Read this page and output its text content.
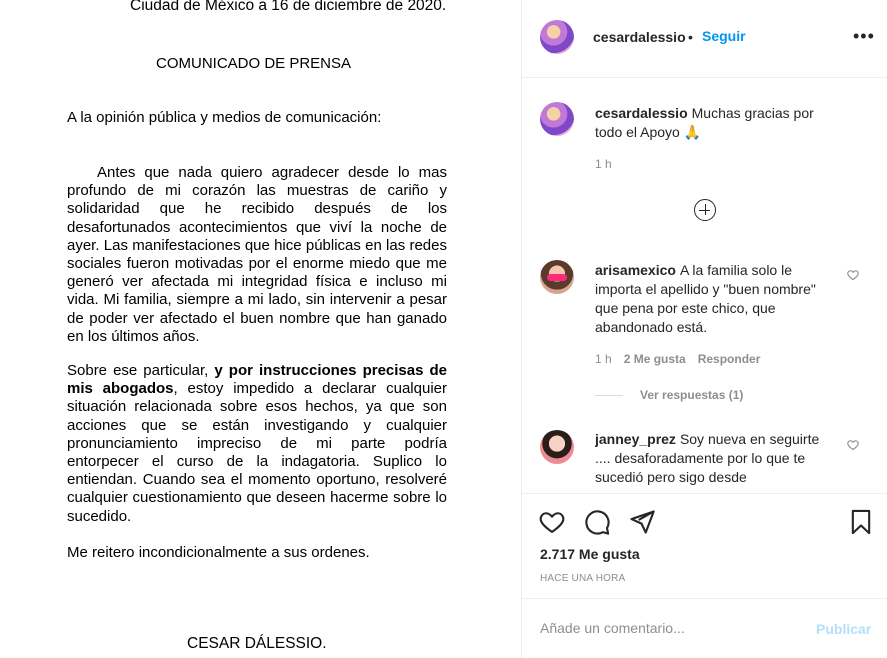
Ciudad de México a 16 de diciembre de 2020.
COMUNICADO DE PRENSA
A la opinión pública y medios de comunicación:
Antes que nada quiero agradecer desde lo mas profundo de mi corazón las muestras de cariño y solidaridad que he recibido después de los desafortunados acontecimientos que viví la noche de ayer. Las manifestaciones que hice públicas en las redes sociales fueron motivadas por el enorme miedo que me generó ver afectada mi integridad física e incluso mi vida. Mi familia, siempre a mi lado, sin intervenir a pesar de poder ver afectado el buen nombre que han ganado en los últimos años.
Sobre ese particular, y por instrucciones precisas de mis abogados, estoy impedido a declarar cualquier situación relacionada sobre esos hechos, ya que son acciones que se están investigando y cualquier pronunciamiento impreciso de mi parte podría entorpecer el curso de la indagatoria. Suplico lo entiendan. Cuando sea el momento oportuno, resolveré cualquier cuestionamiento que deseen hacerme sobre lo sucedido.
Me reitero incondicionalmente a sus ordenes.
CESAR DÁLESSIO.
cesardalessio • Seguir	•••
cesardalessio Muchas gracias por todo el Apoyo 🙏
1 h
arisamexico A la familia solo le importa el apellido y "buen nombre" que pena por este chico, que abandonado está.
1 h 2 Me gusta Responder
Ver respuestas (1)
janney_prez Soy nueva en seguirte .... desaforadamente por lo que te sucedió pero sigo desde
2.717 Me gusta
HACE UNA HORA
Añade un comentario...
Publicar
